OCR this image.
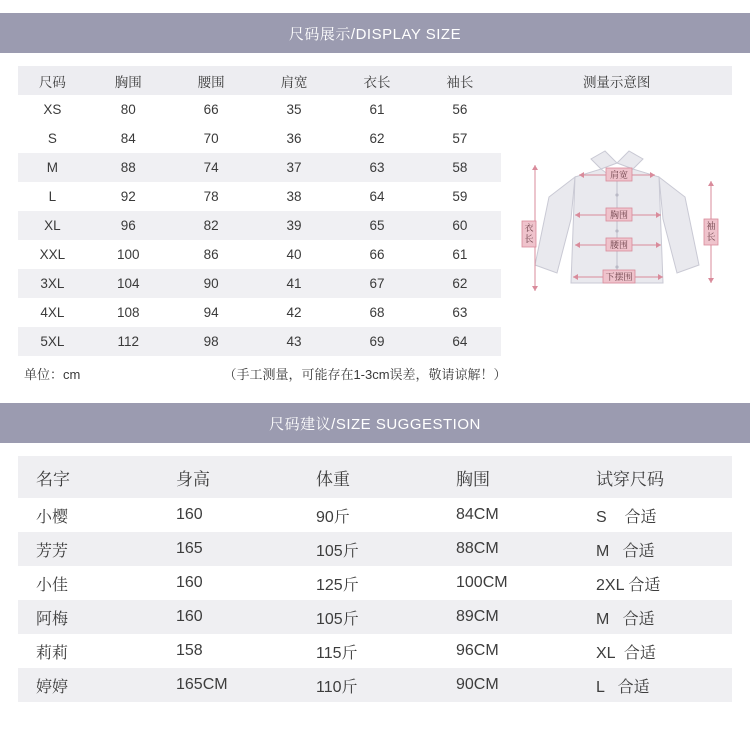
尺码展示/DISPLAY SIZE
尺码	胸围	腰围	肩宽	衣长	袖长	测量示意图
XS	80	66	35	61	56	
肩宽
胸围
腰围
下摆围
衣
长
袖
长

S	84	70	36	62	57	
M	88	74	37	63	58	
L	92	78	38	64	59	
XL	96	82	39	65	60	
XXL	100	86	40	66	61	
3XL	104	90	41	67	62	
4XL	108	94	42	68	63	
5XL	112	98	43	69	64	
单位：cm	（手工测量，可能存在1-3cm误差，敬请谅解！）
尺码建议/SIZE SUGGESTION
名字	身高	体重	胸围	试穿尺码
小樱	160	90斤	84CM	S    合适
芳芳	165	105斤	88CM	M   合适
小佳	160	125斤	100CM	2XL 合适
阿梅	160	105斤	89CM	M   合适
莉莉	158	115斤	96CM	XL  合适
婷婷	165CM	110斤	90CM	L   合适
